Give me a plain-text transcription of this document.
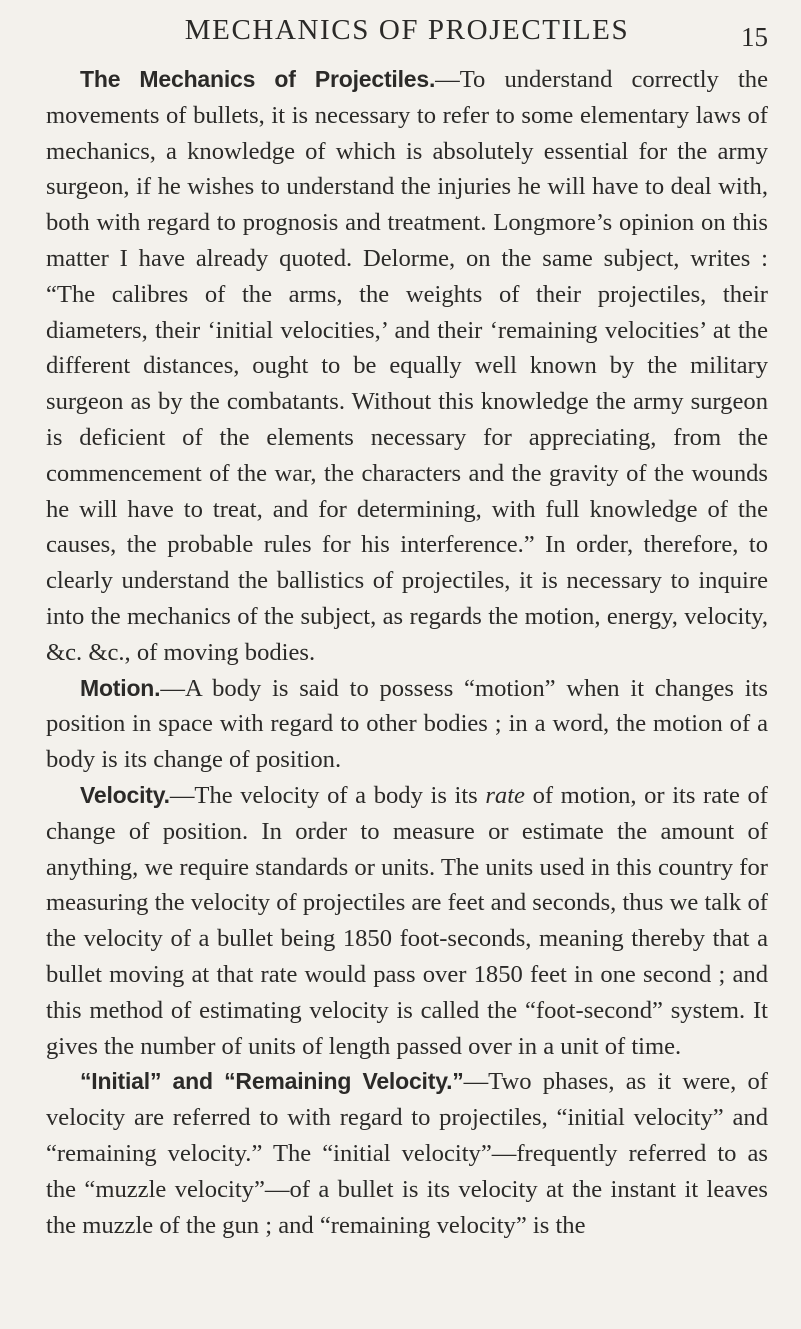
MECHANICS OF PROJECTILES	15

The Mechanics of Projectiles.—To understand correctly the movements of bullets, it is necessary to refer to some elementary laws of mechanics, a knowledge of which is absolutely essential for the army surgeon, if he wishes to understand the injuries he will have to deal with, both with regard to prognosis and treatment. Longmore’s opinion on this matter I have already quoted. Delorme, on the same subject, writes : “The calibres of the arms, the weights of their projectiles, their diameters, their ‘initial velocities,’ and their ‘remaining velocities’ at the different distances, ought to be equally well known by the military surgeon as by the combatants. Without this knowledge the army surgeon is deficient of the elements necessary for appreciating, from the commencement of the war, the characters and the gravity of the wounds he will have to treat, and for determining, with full knowledge of the causes, the probable rules for his interference.” In order, therefore, to clearly understand the ballistics of projectiles, it is necessary to inquire into the mechanics of the subject, as regards the motion, energy, velocity, &c. &c., of moving bodies.

Motion.—A body is said to possess “motion” when it changes its position in space with regard to other bodies ; in a word, the motion of a body is its change of position.

Velocity.—The velocity of a body is its rate of motion, or its rate of change of position. In order to measure or estimate the amount of anything, we require standards or units. The units used in this country for measuring the velocity of projectiles are feet and seconds, thus we talk of the velocity of a bullet being 1850 foot-seconds, meaning thereby that a bullet moving at that rate would pass over 1850 feet in one second ; and this method of estimating velocity is called the “foot-second” system. It gives the number of units of length passed over in a unit of time.

“Initial” and “Remaining Velocity.”—Two phases, as it were, of velocity are referred to with regard to projectiles, “initial velocity” and “remaining velocity.” The “initial velocity”—frequently referred to as the “muzzle velocity”—of a bullet is its velocity at the instant it leaves the muzzle of the gun ; and “remaining velocity” is the
